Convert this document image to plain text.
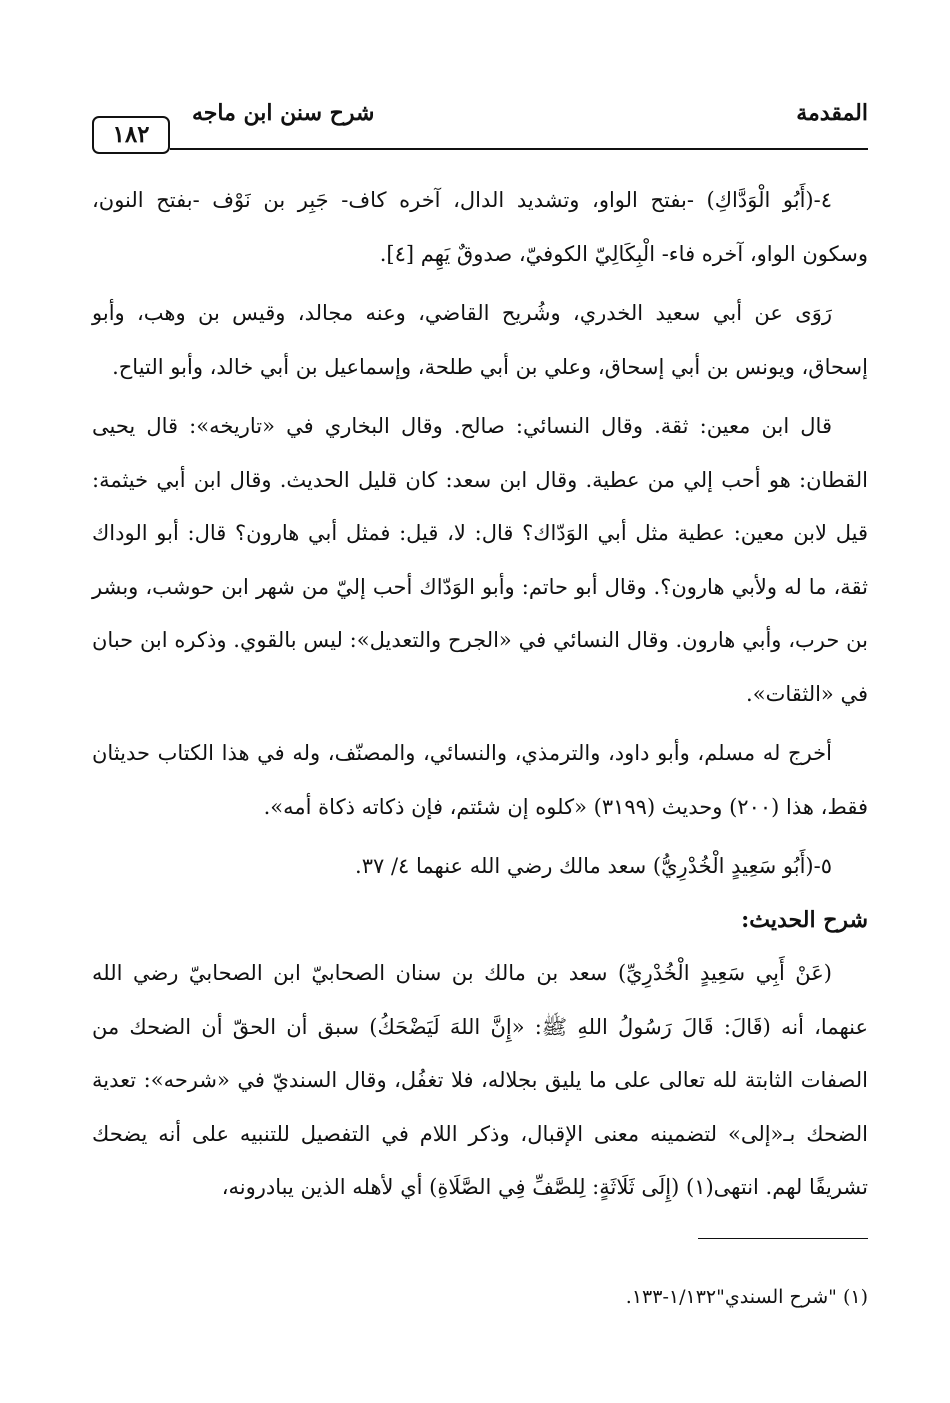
المقدمة
شرح سنن ابن ماجه
١٨٢

٤-(أَبُو الْوَدَّاكِ) -بفتح الواو، وتشديد الدال، آخره كاف- جَبِر بن نَوْف -بفتح النون، وسكون الواو، آخره فاء- الْبِكَالِيّ الكوفيّ، صدوقٌ يَهِم [٤].

رَوَى عن أبي سعيد الخدري، وشُريح القاضي، وعنه مجالد، وقيس بن وهب، وأبو إسحاق، ويونس بن أبي إسحاق، وعلي بن أبي طلحة، وإسماعيل بن أبي خالد، وأبو التياح.

قال ابن معين: ثقة. وقال النسائي: صالح. وقال البخاري في «تاريخه»: قال يحيى القطان: هو أحب إلي من عطية. وقال ابن سعد: كان قليل الحديث. وقال ابن أبي خيثمة: قيل لابن معين: عطية مثل أبي الوَدّاك؟ قال: لا، قيل: فمثل أبي هارون؟ قال: أبو الوداك ثقة، ما له ولأبي هارون؟. وقال أبو حاتم: وأبو الوَدّاك أحب إليّ من شهر ابن حوشب، وبشر بن حرب، وأبي هارون. وقال النسائي في «الجرح والتعديل»: ليس بالقوي. وذكره ابن حبان في «الثقات».

أخرج له مسلم، وأبو داود، والترمذي، والنسائي، والمصنّف، وله في هذا الكتاب حديثان فقط، هذا (٢٠٠) وحديث (٣١٩٩) «كلوه إن شئتم، فإن ذكاته ذكاة أمه».

٥-(أَبُو سَعِيدٍ الْخُدْرِيُّ) سعد مالك رضي الله عنهما ٤/ ٣٧.

شرح الحديث:

(عَنْ أَبِي سَعِيدٍ الْخُدْرِيِّ) سعد بن مالك بن سنان الصحابيّ ابن الصحابيّ رضي الله عنهما، أنه (قَالَ: قَالَ رَسُولُ اللهِ ﷺ: «إِنَّ اللهَ لَيَضْحَكُ) سبق أن الحقّ أن الضحك من الصفات الثابتة لله تعالى على ما يليق بجلاله، فلا تغفُل، وقال السنديّ في «شرحه»: تعدية الضحك بـ«إلى» لتضمينه معنى الإقبال، وذكر اللام في التفصيل للتنبيه على أنه يضحك تشريفًا لهم. انتهى(١) (إِلَى ثَلَاثَةٍ: لِلصَّفِّ فِي الصَّلَاةِ) أي لأهله الذين يبادرونه،

(١) "شرح السندي"١/١٣٢-١٣٣.
